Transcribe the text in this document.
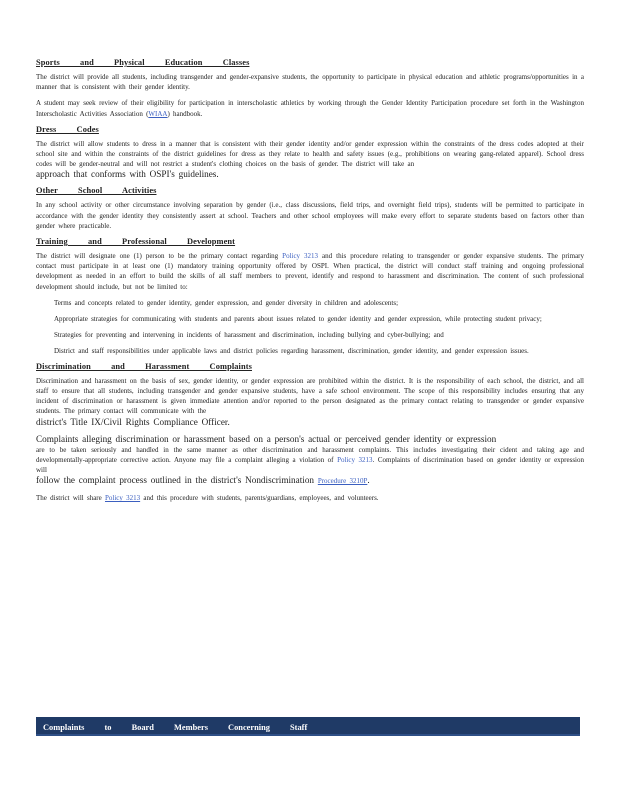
Sports and Physical Education Classes

The district will provide all students, including transgender and gender-expansive students, the opportunity to participate in physical education and athletic programs/opportunities in a manner that is consistent with their gender identity.

A student may seek review of their eligibility for participation in interscholastic athletics by working through the Gender Identity Participation procedure set forth in the Washington Interscholastic Activities Association (WIAA) handbook.

Dress Codes

The district will allow students to dress in a manner that is consistent with their gender identity and/or gender expression within the constraints of the dress codes adopted at their school site and within the constraints of the district guidelines for dress as they relate to health and safety issues (e.g., prohibitions on wearing gang-related apparel). School dress codes will be gender-neutral and will not restrict a student's clothing choices on the basis of gender. The district will take an
approach that conforms with OSPI's guidelines.

Other School Activities

In any school activity or other circumstance involving separation by gender (i.e., class discussions, field trips, and overnight field trips), students will be permitted to participate in accordance with the gender identity they consistently assert at school. Teachers and other school employees will make every effort to separate students based on factors other than gender where practicable.

Training and Professional Development

The district will designate one (1) person to be the primary contact regarding Policy 3213 and this procedure relating to transgender or gender expansive students. The primary contact must participate in at least one (1) mandatory training opportunity offered by OSPI. When practical, the district will conduct staff training and ongoing professional development as needed in an effort to build the skills of all staff members to prevent, identify and respond to harassment and discrimination. The content of such professional development should include, but not be limited to:

Terms and concepts related to gender identity, gender expression, and gender diversity in children and adolescents;
Appropriate strategies for communicating with students and parents about issues related to gender identity and gender expression, while protecting student privacy;
Strategies for preventing and intervening in incidents of harassment and discrimination, including bullying and cyber-bullying; and
District and staff responsibilities under applicable laws and district policies regarding harassment, discrimination, gender identity, and gender expression issues.
Discrimination and Harassment Complaints

Discrimination and harassment on the basis of sex, gender identity, or gender expression are prohibited within the district. It is the responsibility of each school, the district, and all staff to ensure that all students, including transgender and gender expansive students, have a safe school environment. The scope of this responsibility includes ensuring that any incident of discrimination or harassment is given immediate attention and/or reported to the person designated as the primary contact relating to transgender or gender expansive students. The primary contact will communicate with the
district's Title IX/Civil Rights Compliance Officer.

Complaints alleging discrimination or harassment based on a person's actual or perceived gender identity or expression
are to be taken seriously and handled in the same manner as other discrimination and harassment complaints. This includes investigating their cident and taking age and developmentally-appropriate corrective action. Anyone may file a complaint alleging a violation of Policy 3213. Complaints of discrimination based on gender identity or expression will
follow the complaint process outlined in the district's Nondiscrimination Procedure 3210P.

The district will share Policy 3213 and this procedure with students, parents/guardians, employees, and volunteers.

Complaints to Board Members Concerning Staff
